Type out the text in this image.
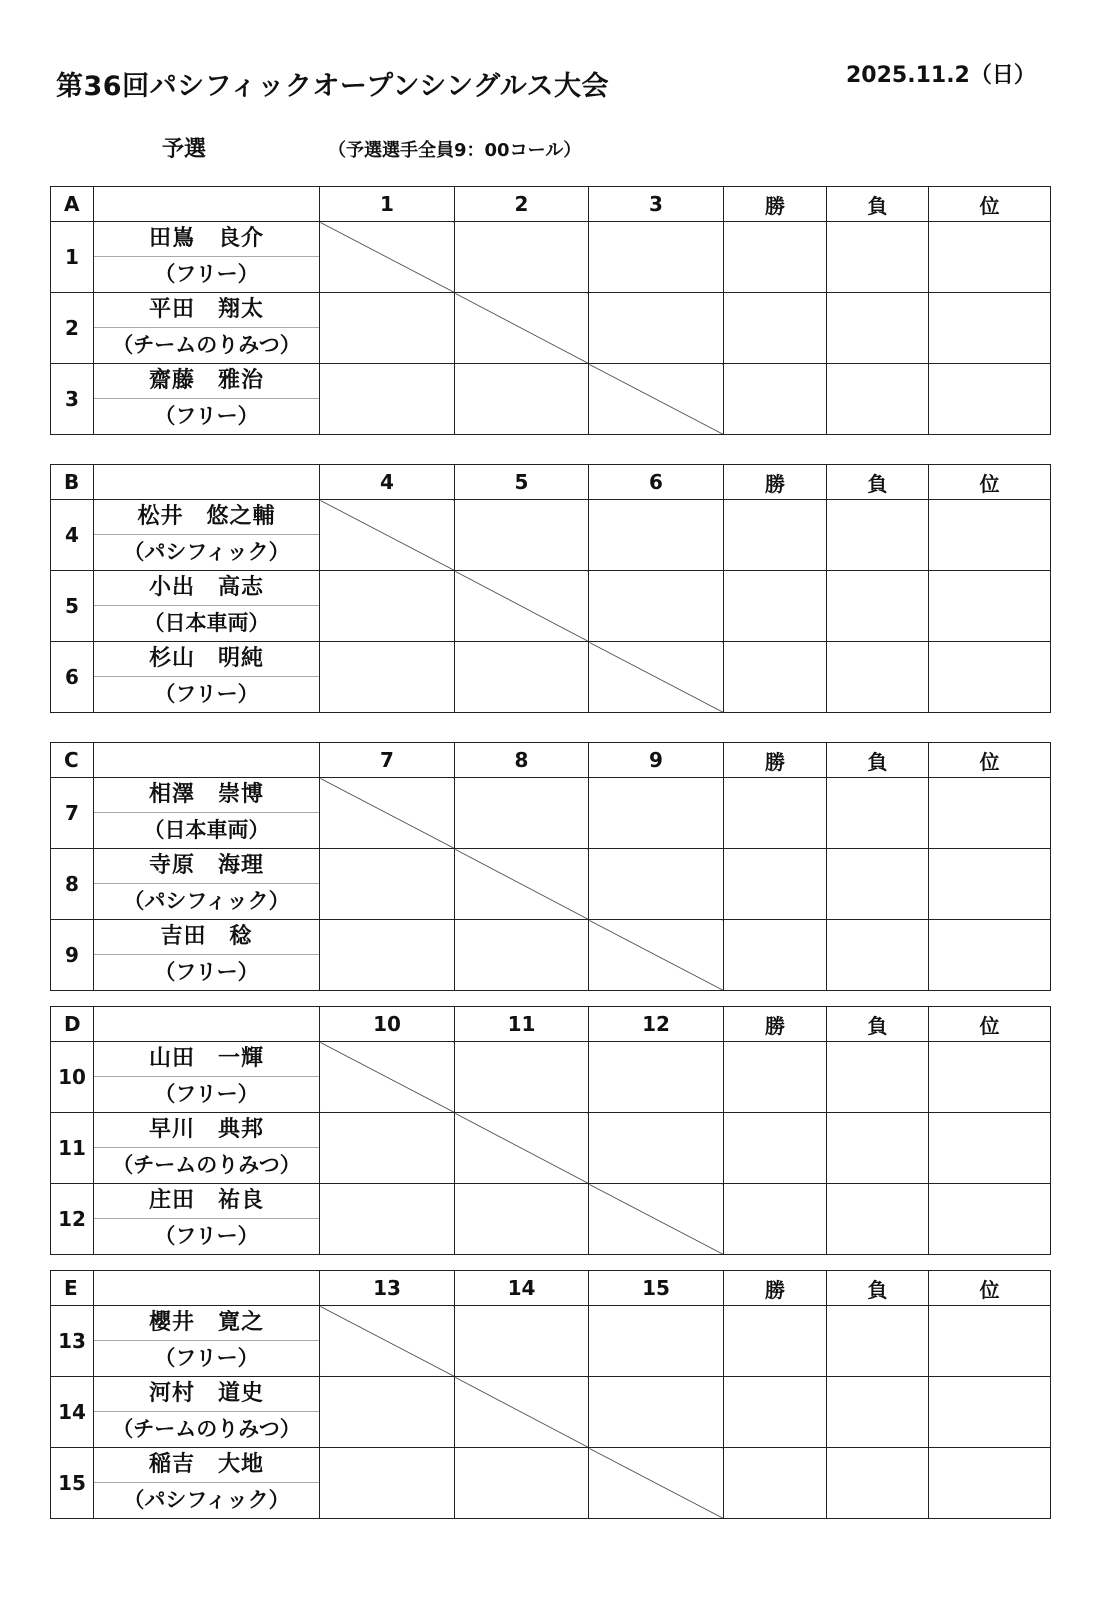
第36回パシフィックオープンシングルス大会	2025.11.2（日）
予選	（予選選手全員9：00コール）
A		1	2	3	勝	負	位
1	田嶌　良介
（フリー）						

2	平田　翔太
（チームのりみつ）						

3	齋藤　雅治
（フリー）						

B		4	5	6	勝	負	位
4	松井　悠之輔
（パシフィック）						

5	小出　高志
（日本車両）						

6	杉山　明純
（フリー）						

C		7	8	9	勝	負	位
7	相澤　崇博
（日本車両）						

8	寺原　海理
（パシフィック）						

9	吉田　稔
（フリー）						

D		10	11	12	勝	負	位
10	山田　一輝
（フリー）						

11	早川　典邦
（チームのりみつ）						

12	庄田　祐良
（フリー）						

E		13	14	15	勝	負	位
13	櫻井　寛之
（フリー）						

14	河村　道史
（チームのりみつ）						

15	稲吉　大地
（パシフィック）						
